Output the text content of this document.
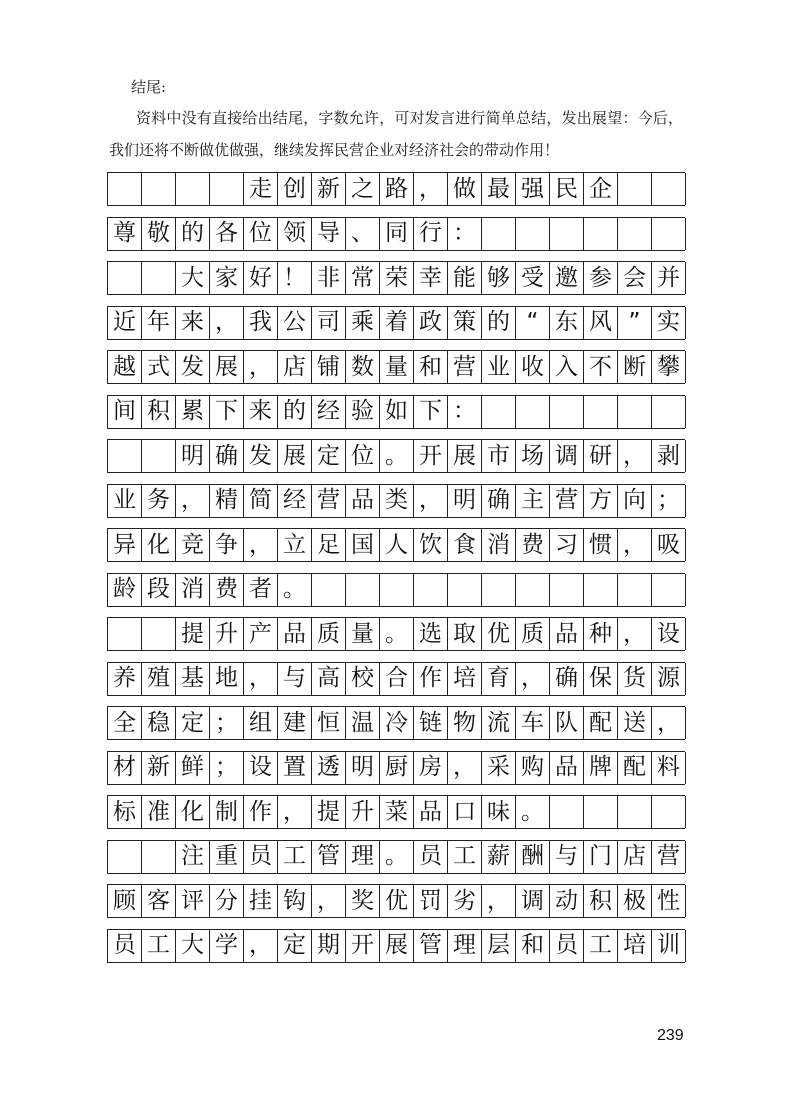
结尾:

资料中没有直接给出结尾，字数允许，可对发言进行简单总结，发出展望：今后，

我们还将不断做优做强，继续发挥民营企业对经济社会的带动作用！

走 创 新 之 路 ， 做 最 强 民 企
尊 敬 的 各 位 领 导 、 同 行 ：
大 家 好 ！ 非 常 荣 幸 能 够 受 邀 参 会 并
近 年 来 ， 我 公 司 乘 着 政 策 的 “ 东 风 ” 实
越 式 发 展 ， 店 铺 数 量 和 营 业 收 入 不 断 攀
间 积 累 下 来 的 经 验 如 下 ：
明 确 发 展 定 位 。 开 展 市 场 调 研 ， 剥
业 务 ， 精 简 经 营 品 类 ， 明 确 主 营 方 向 ；
异 化 竞 争 ， 立 足 国 人 饮 食 消 费 习 惯 ， 吸
龄 段 消 费 者 。
提 升 产 品 质 量 。 选 取 优 质 品 种 ， 设
养 殖 基 地 ， 与 高 校 合 作 培 育 ， 确 保 货 源
全 稳 定 ； 组 建 恒 温 冷 链 物 流 车 队 配 送 ，
材 新 鲜 ； 设 置 透 明 厨 房 ， 采 购 品 牌 配 料
标 准 化 制 作 ， 提 升 菜 品 口 味 。
注 重 员 工 管 理 。 员 工 薪 酬 与 门 店 营
顾 客 评 分 挂 钩 ， 奖 优 罚 劣 ， 调 动 积 极 性
员 工 大 学 ， 定 期 开 展 管 理 层 和 员 工 培 训
239
